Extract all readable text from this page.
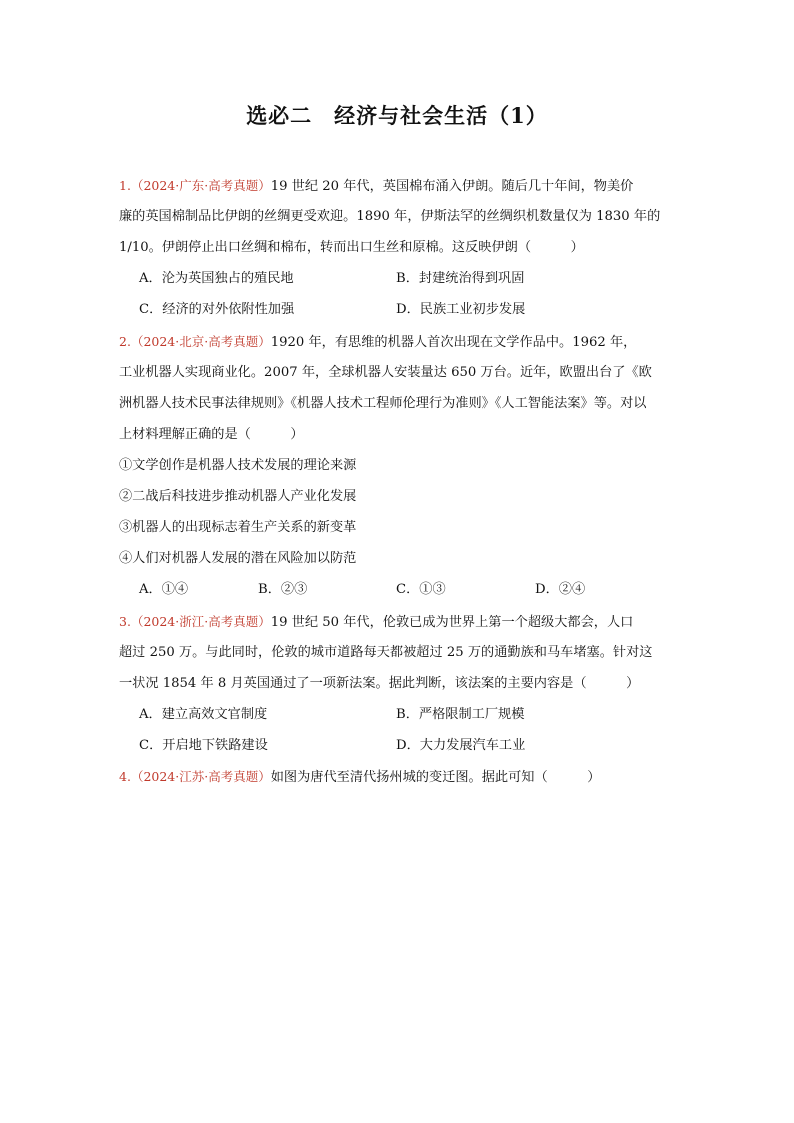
选必二　经济与社会生活（1）
1.（2024·广东·高考真题）19 世纪 20 年代，英国棉布涌入伊朗。随后几十年间，物美价
廉的英国棉制品比伊朗的丝绸更受欢迎。1890 年，伊斯法罕的丝绸织机数量仅为 1830 年的
1/10。伊朗停止出口丝绸和棉布，转而出口生丝和原棉。这反映伊朗（　　　）
A．沦为英国独占的殖民地	B．封建统治得到巩固
C．经济的对外依附性加强	D．民族工业初步发展
2.（2024·北京·高考真题）1920 年，有思维的机器人首次出现在文学作品中。1962 年，
工业机器人实现商业化。2007 年，全球机器人安装量达 650 万台。近年，欧盟出台了《欧
洲机器人技术民事法律规则》《机器人技术工程师伦理行为准则》《人工智能法案》等。对以
上材料理解正确的是（　　　）
①文学创作是机器人技术发展的理论来源
②二战后科技进步推动机器人产业化发展
③机器人的出现标志着生产关系的新变革
④人们对机器人发展的潜在风险加以防范
A．①④	B．②③	C．①③	D．②④
3.（2024·浙江·高考真题）19 世纪 50 年代，伦敦已成为世界上第一个超级大都会，人口
超过 250 万。与此同时，伦敦的城市道路每天都被超过 25 万的通勤族和马车堵塞。针对这
一状况 1854 年 8 月英国通过了一项新法案。据此判断，该法案的主要内容是（　　　）
A．建立高效文官制度	B．严格限制工厂规模
C．开启地下铁路建设	D．大力发展汽车工业
4.（2024·江苏·高考真题）如图为唐代至清代扬州城的变迁图。据此可知（　　　）
